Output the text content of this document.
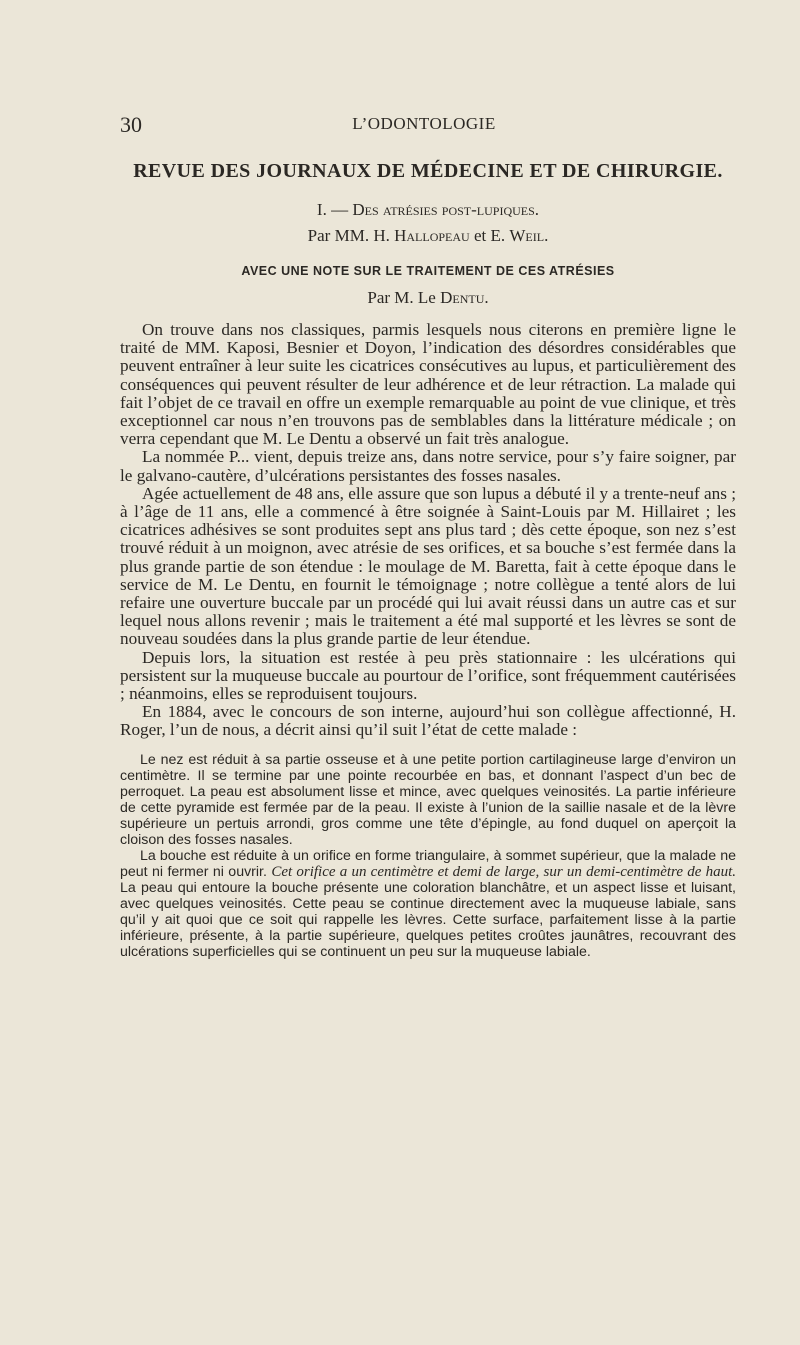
30	L’ODONTOLOGIE
REVUE DES JOURNAUX DE MÉDECINE ET DE CHIRURGIE.

I. — Des atrésies post-lupiques.

Par MM. H. Hallopeau et E. Weil.

AVEC UNE NOTE SUR LE TRAITEMENT DE CES ATRÉSIES

Par M. Le Dentu.

On trouve dans nos classiques, parmis lesquels nous citerons en première ligne le traité de MM. Kaposi, Besnier et Doyon, l’indication des désordres considérables que peuvent entraîner à leur suite les cicatrices consécutives au lupus, et particulièrement des conséquences qui peuvent résulter de leur adhérence et de leur rétraction. La malade qui fait l’objet de ce travail en offre un exemple remarquable au point de vue clinique, et très exceptionnel car nous n’en trouvons pas de semblables dans la littérature médicale ; on verra cependant que M. Le Dentu a observé un fait très analogue.

La nommée P... vient, depuis treize ans, dans notre service, pour s’y faire soigner, par le galvano-cautère, d’ulcérations persistantes des fosses nasales.

Agée actuellement de 48 ans, elle assure que son lupus a débuté il y a trente-neuf ans ; à l’âge de 11 ans, elle a commencé à être soignée à Saint-Louis par M. Hillairet ; les cicatrices adhésives se sont produites sept ans plus tard ; dès cette époque, son nez s’est trouvé réduit à un moignon, avec atrésie de ses orifices, et sa bouche s’est fermée dans la plus grande partie de son étendue : le moulage de M. Baretta, fait à cette époque dans le service de M. Le Dentu, en fournit le témoignage ; notre collègue a tenté alors de lui refaire une ouverture buccale par un procédé qui lui avait réussi dans un autre cas et sur lequel nous allons revenir ; mais le traitement a été mal supporté et les lèvres se sont de nouveau soudées dans la plus grande partie de leur étendue.

Depuis lors, la situation est restée à peu près stationnaire : les ulcérations qui persistent sur la muqueuse buccale au pourtour de l’orifice, sont fréquemment cautérisées ; néanmoins, elles se reproduisent toujours.

En 1884, avec le concours de son interne, aujourd’hui son collègue affectionné, H. Roger, l’un de nous, a décrit ainsi qu’il suit l’état de cette malade :

Le nez est réduit à sa partie osseuse et à une petite portion cartilagineuse large d’environ un centimètre. Il se termine par une pointe recourbée en bas, et donnant l’aspect d’un bec de perroquet. La peau est absolument lisse et mince, avec quelques veinosités. La partie inférieure de cette pyramide est fermée par de la peau. Il existe à l’union de la saillie nasale et de la lèvre supérieure un pertuis arrondi, gros comme une tête d’épingle, au fond duquel on aperçoit la cloison des fosses nasales.

La bouche est réduite à un orifice en forme triangulaire, à sommet supérieur, que la malade ne peut ni fermer ni ouvrir. Cet orifice a un centimètre et demi de large, sur un demi-centimètre de haut. La peau qui entoure la bouche présente une coloration blanchâtre, et un aspect lisse et luisant, avec quelques veinosités. Cette peau se continue directement avec la muqueuse labiale, sans qu’il y ait quoi que ce soit qui rappelle les lèvres. Cette surface, parfaitement lisse à la partie inférieure, présente, à la partie supérieure, quelques petites croûtes jaunâtres, recouvrant des ulcérations superficielles qui se continuent un peu sur la muqueuse labiale.
